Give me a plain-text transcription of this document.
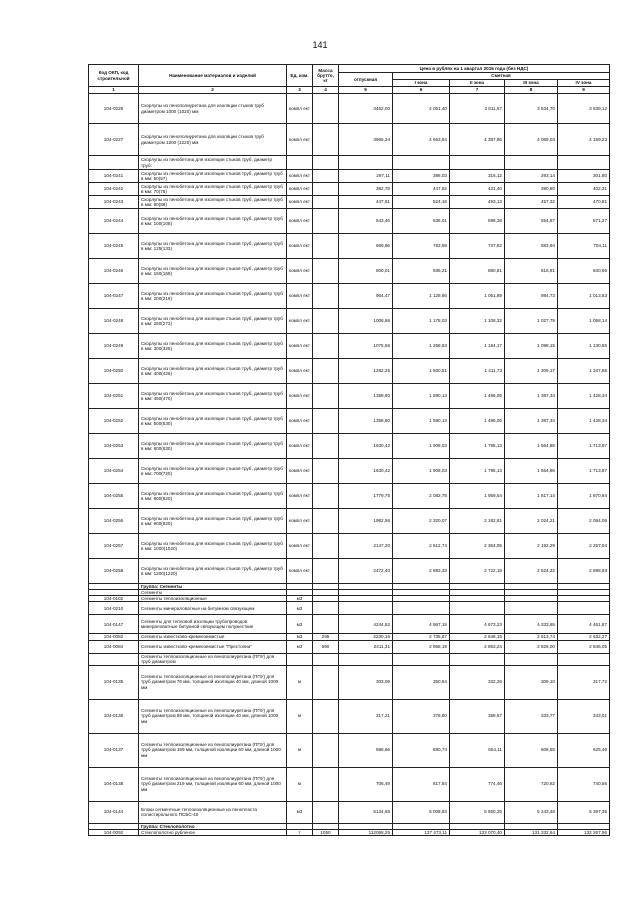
141
Код ОКП, код строительной	Наименование материалов и изделий	Ед. изм.	Масса брутто, кг	Цена в рублях на 1 квартал 2016 года (без НДС)				
				отпускная	Сметная			
					I зона	II зона	III зона	IV зона
1	2	3	4	5	6	7	8	9
104-0226	Скорлупы из пенополиуретана для изоляции стыков труб диаметром 1000 (1020) мм	компл ект		3462,00	4 051,40	3 811,67	3 534,70	3 639,12
104-0227	Скорлупы из пенополиуретана для изоляции стыков труб диаметром 1200 (1220) мм	компл ект		3965,34	4 663,84	4 387,86	4 069,03	4 159,23
	Скорлупы из пенобетона для изоляции стыков труб, диаметр труб:							
104-0241	Скорлупы из пенобетона для изоляции стыков труб, диаметр труб в мм: 50(57)	компл ект		297,11	398,03	316,12	293,14	301,80
104-0242	Скорлупы из пенобетона для изоляции стыков труб, диаметр труб в мм: 70(76)	компл ект		382,78	447,92	421,40	390,80	402,31
104-0243	Скорлупы из пенобетона для изоляции стыков труб, диаметр труб в мм: 80(89)	компл ект		447,91	524,16	493,13	457,32	470,81
104-0244	Скорлупы из пенобетона для изоляции стыков труб, диаметр труб в мм: 100(108)	компл ект		543,46	636,01	598,38	554,87	571,27
104-0245	Скорлупы из пенобетона для изоляции стыков труб, диаметр труб в мм: 125(133)	компл ект		669,96	783,99	737,62	683,94	704,11
104-0246	Скорлупы из пенобетона для изоляции стыков труб, диаметр труб в мм: 150(159)	компл ект		800,01	936,21	880,81	816,81	840,96
104-0247	Скорлупы из пенобетона для изоляции стыков труб, диаметр труб в мм: 200(219)	компл ект		964,47	1 128,66	1 061,89	984,73	1 013,83
104-0248	Скорлупы из пенобетона для изоляции стыков труб, диаметр труб в мм: 250(273)	компл ект		1006,66	1 178,03	1 108,32	1 027,79	1 058,14
104-0249	Скорлупы из пенобетона для изоляции стыков труб, диаметр труб в мм: 300(325)	компл ект		1075,56	1 258,63	1 184,17	1 098,15	1 130,55
104-0250	Скорлупы из пенобетона для изоляции стыков труб, диаметр труб в мм: 400(426)	компл ект		1282,25	1 500,51	1 411,73	1 309,17	1 347,85
104-0251	Скорлупы из пенобетона для изоляции стыков труб, диаметр труб в мм: 450(470)	компл ект		1358,80	1 590,13	1 496,05	1 387,34	1 428,34
104-0252	Скорлупы из пенобетона для изоляции стыков труб, диаметр труб в мм: 500(530)	компл ект		1358,80	1 590,13	1 496,05	1 387,34	1 428,34
104-0253	Скорлупы из пенобетона для изоляции стыков труб, диаметр труб в мм: 600(630)	компл ект		1630,42	1 908,03	1 795,13	1 664,86	1 713,87
104-0254	Скорлупы из пенобетона для изоляции стыков труб, диаметр труб в мм: 700(720)	компл ект		1630,42	1 908,03	1 795,13	1 664,86	1 713,87
104-0255	Скорлупы из пенобетона для изоляции стыков труб, диаметр труб в мм: 800(820)	компл ект		1779,76	2 082,78	1 959,54	1 817,14	1 870,84
104-0256	Скорлупы из пенобетона для изоляции стыков труб, диаметр труб в мм: 900(920)	компл ект		1982,56	2 320,07	2 182,81	2 024,21	2 084,06
104-0257	Скорлупы из пенобетона для изоляции стыков труб, диаметр труб в мм: 1000(1020)	компл ект		2147,20	2 512,74	2 364,05	2 192,29	2 257,04
104-0258	Скорлупы из пенобетона для изоляции стыков труб, диаметр труб в мм: 1200(1220)	компл ект		2472,40	2 893,33	2 722,19	2 524,32	2 598,93
	Группа: Сегменты							
	Сегменты							
104-0102	Сегменты теплоизоляционные	м3						
104-0210	Сегменты минераловатные на битумном связующем	м3						
104-0147	Сегменты для тепловой изоляции трубопроводов минераловатные битумной связующем полужесткие	м3		4244,52	4 967,15	4 673,23	4 333,65	4 461,87
104-0082	Сегменты известково-кремнеземистые	м3	295	2230,16	2 735,67	2 648,15	2 613,74	2 632,27
104-0084	Сегменты известково-кремнеземистые "Престопиа"	м3	590	2411,31	2 958,19	2 863,24	2 826,00	2 846,05
	Сегменты теплоизоляционные из пенополиуретана (ППУ) для труб диаметром							
104-0135	Сегменты теплоизоляционные из пенополиуретана (ППУ) для труб диаметром 76 мм, толщиной изоляции 40 мм, длиной 1000 мм	м		303,09	350,64	332,26	309,10	317,72
104-0136	Сегменты теплоизоляционные из пенополиуретана (ППУ) для труб диаметром 89 мм, толщиной изоляции 40 мм, длиной 1000 мм	м		317,21	378,80	358,67	333,77	343,01
104-0137	Сегменты теплоизоляционные из пенополиуретана (ППУ) для труб диаметром 159 мм, толщиной изоляции 60 мм, длиной 1000 мм	м		596,66	690,74	654,11	608,65	625,46
104-0138	Сегменты теплоизоляционные из пенополиуретана (ППУ) для труб диаметром 219 мм, толщиной изоляции 60 мм, длиной 1000 мм	м		706,49	817,84	774,46	720,62	740,56
104-0144	Блоки сегментные теплоизоляционные из пенопласта полистирольного ПСБС-40	м3		5134,65	6 008,83	5 650,25	5 242,48	5 397,35
	Группа: Стеклополотно							
104-0092	Стеклополотно рубленое	т	1050	112068,25	137 473,11	133 070,40	131 332,64	132 267,96
